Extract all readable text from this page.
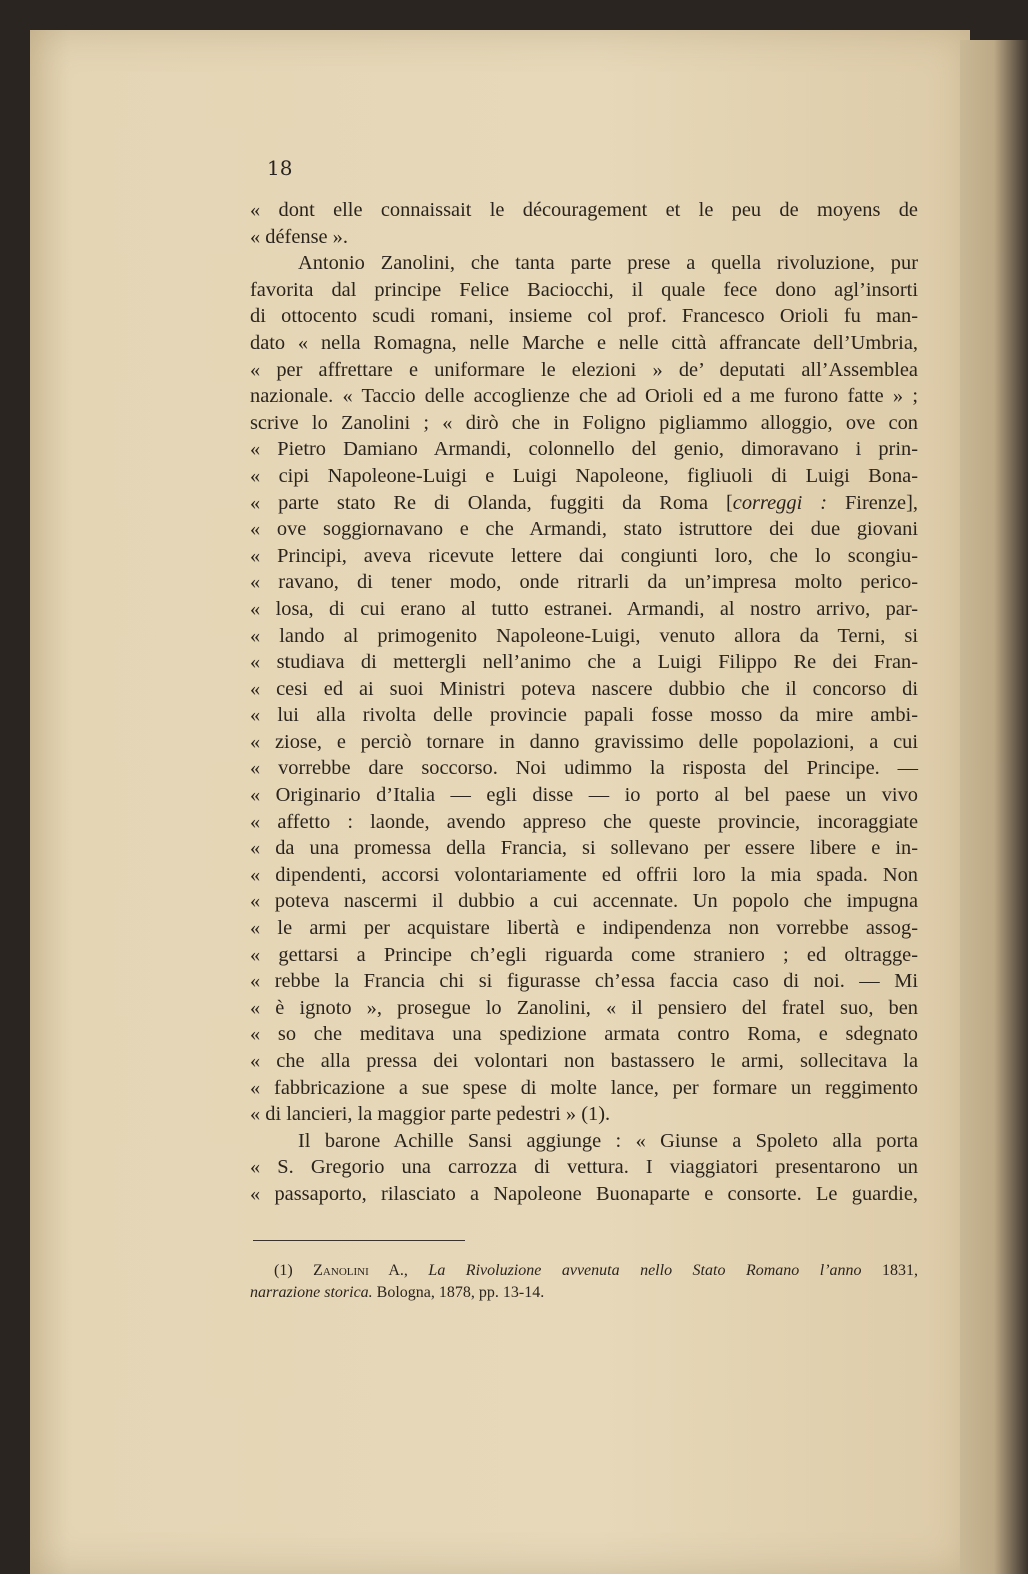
18
« dont elle connaissait le découragement et le peu de moyens de
« défense ».
Antonio Zanolini, che tanta parte prese a quella rivoluzione, pur
favorita dal principe Felice Baciocchi, il quale fece dono agl’insorti
di ottocento scudi romani, insieme col prof. Francesco Orioli fu man-
dato « nella Romagna, nelle Marche e nelle città affrancate dell’Umbria,
« per affrettare e uniformare le elezioni » de’ deputati all’Assemblea
nazionale. « Taccio delle accoglienze che ad Orioli ed a me furono fatte » ;
scrive lo Zanolini ; « dirò che in Foligno pigliammo alloggio, ove con
« Pietro Damiano Armandi, colonnello del genio, dimoravano i prin-
« cipi Napoleone-Luigi e Luigi Napoleone, figliuoli di Luigi Bona-
« parte stato Re di Olanda, fuggiti da Roma [correggi : Firenze],
« ove soggiornavano e che Armandi, stato istruttore dei due giovani
« Principi, aveva ricevute lettere dai congiunti loro, che lo scongiu-
« ravano, di tener modo, onde ritrarli da un’impresa molto perico-
« losa, di cui erano al tutto estranei. Armandi, al nostro arrivo, par-
« lando al primogenito Napoleone-Luigi, venuto allora da Terni, si
« studiava di mettergli nell’animo che a Luigi Filippo Re dei Fran-
« cesi ed ai suoi Ministri poteva nascere dubbio che il concorso di
« lui alla rivolta delle provincie papali fosse mosso da mire ambi-
« ziose, e perciò tornare in danno gravissimo delle popolazioni, a cui
« vorrebbe dare soccorso. Noi udimmo la risposta del Principe. —
« Originario d’Italia — egli disse — io porto al bel paese un vivo
« affetto : laonde, avendo appreso che queste provincie, incoraggiate
« da una promessa della Francia, si sollevano per essere libere e in-
« dipendenti, accorsi volontariamente ed offrii loro la mia spada. Non
« poteva nascermi il dubbio a cui accennate. Un popolo che impugna
« le armi per acquistare libertà e indipendenza non vorrebbe assog-
« gettarsi a Principe ch’egli riguarda come straniero ; ed oltragge-
« rebbe la Francia chi si figurasse ch’essa faccia caso di noi. — Mi
« è ignoto », prosegue lo Zanolini, « il pensiero del fratel suo, ben
« so che meditava una spedizione armata contro Roma, e sdegnato
« che alla pressa dei volontari non bastassero le armi, sollecitava la
« fabbricazione a sue spese di molte lance, per formare un reggimento
« di lancieri, la maggior parte pedestri » (1).
Il barone Achille Sansi aggiunge : « Giunse a Spoleto alla porta
« S. Gregorio una carrozza di vettura. I viaggiatori presentarono un
« passaporto, rilasciato a Napoleone Buonaparte e consorte. Le guardie,
(1) Zanolini A., La Rivoluzione avvenuta nello Stato Romano l’anno 1831,
narrazione storica. Bologna, 1878, pp. 13-14.
